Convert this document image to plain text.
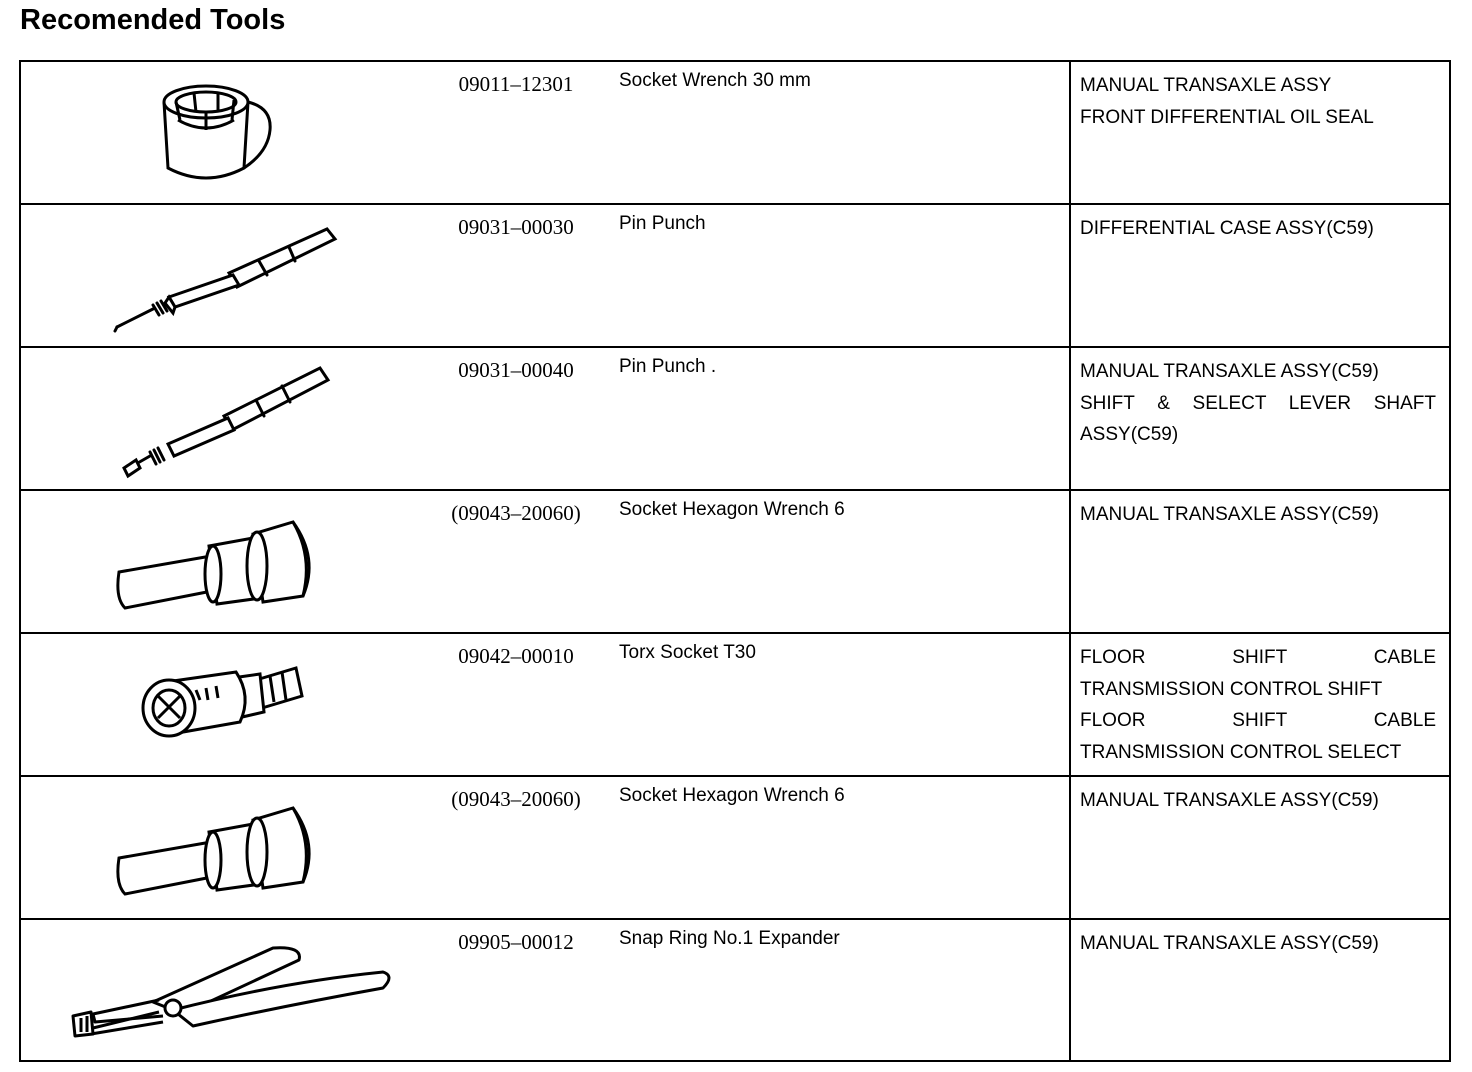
Recomended Tools
09011–12301	Socket Wrench 30 mm	MANUAL TRANSAXLE ASSY
FRONT DIFFERENTIAL OIL SEAL
09031–00030	Pin Punch	DIFFERENTIAL CASE ASSY(C59)
09031–00040	Pin Punch .	MANUAL TRANSAXLE ASSY(C59)
SHIFT & SELECT LEVER SHAFT
ASSY(C59)
(09043–20060)	Socket Hexagon Wrench 6	MANUAL TRANSAXLE ASSY(C59)
09042–00010	Torx Socket T30	FLOOR SHIFT CABLE
TRANSMISSION CONTROL SHIFT
FLOOR SHIFT CABLE
TRANSMISSION CONTROL SELECT
(09043–20060)	Socket Hexagon Wrench 6	MANUAL TRANSAXLE ASSY(C59)
09905–00012	Snap Ring No.1 Expander	MANUAL TRANSAXLE ASSY(C59)
